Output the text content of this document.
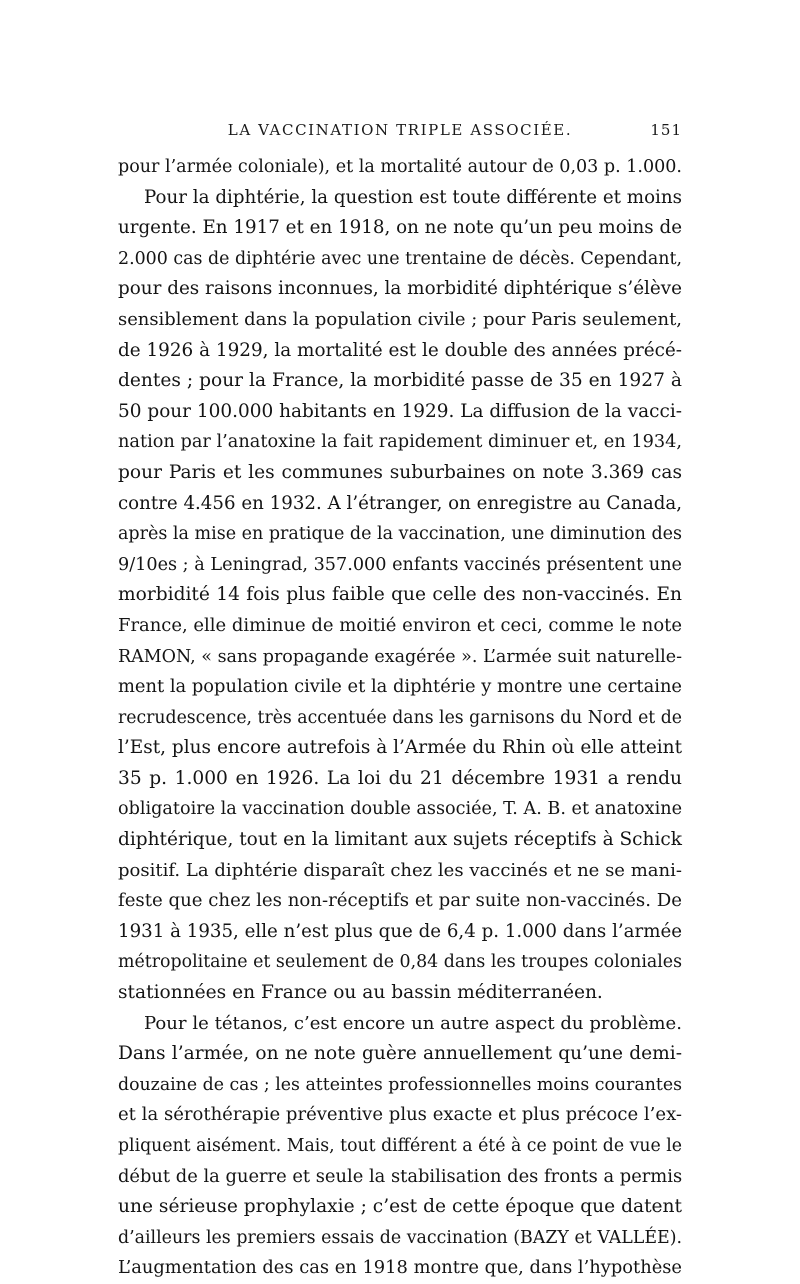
LA VACCINATION TRIPLE ASSOCIÉE.	151
pour l’armée coloniale), et la mortalité autour de 0,03 p. 1.000.
Pour la diphtérie, la question est toute différente et moins
urgente. En 1917 et en 1918, on ne note qu’un peu moins de
2.000 cas de diphtérie avec une trentaine de décès. Cependant,
pour des raisons inconnues, la morbidité diphtérique s’élève
sensiblement dans la population civile ; pour Paris seulement,
de 1926 à 1929, la mortalité est le double des années précé-
dentes ; pour la France, la morbidité passe de 35 en 1927 à
50 pour 100.000 habitants en 1929. La diffusion de la vacci-
nation par l’anatoxine la fait rapidement diminuer et, en 1934,
pour Paris et les communes suburbaines on note 3.369 cas
contre 4.456 en 1932. A l’étranger, on enregistre au Canada,
après la mise en pratique de la vaccination, une diminution des
9/10es ; à Leningrad, 357.000 enfants vaccinés présentent une
morbidité 14 fois plus faible que celle des non-vaccinés. En
France, elle diminue de moitié environ et ceci, comme le note
RAMON, « sans propagande exagérée ». L’armée suit naturelle-
ment la population civile et la diphtérie y montre une certaine
recrudescence, très accentuée dans les garnisons du Nord et de
l’Est, plus encore autrefois à l’Armée du Rhin où elle atteint
35 p. 1.000 en 1926. La loi du 21 décembre 1931 a rendu
obligatoire la vaccination double associée, T. A. B. et anatoxine
diphtérique, tout en la limitant aux sujets réceptifs à Schick
positif. La diphtérie disparaît chez les vaccinés et ne se mani-
feste que chez les non-réceptifs et par suite non-vaccinés. De
1931 à 1935, elle n’est plus que de 6,4 p. 1.000 dans l’armée
métropolitaine et seulement de 0,84 dans les troupes coloniales
stationnées en France ou au bassin méditerranéen.
Pour le tétanos, c’est encore un autre aspect du problème.
Dans l’armée, on ne note guère annuellement qu’une demi-
douzaine de cas ; les atteintes professionnelles moins courantes
et la sérothérapie préventive plus exacte et plus précoce l’ex-
pliquent aisément. Mais, tout différent a été à ce point de vue le
début de la guerre et seule la stabilisation des fronts a permis
une sérieuse prophylaxie ; c’est de cette époque que datent
d’ailleurs les premiers essais de vaccination (BAZY et VALLÉE).
L’augmentation des cas en 1918 montre que, dans l’hypothèse
